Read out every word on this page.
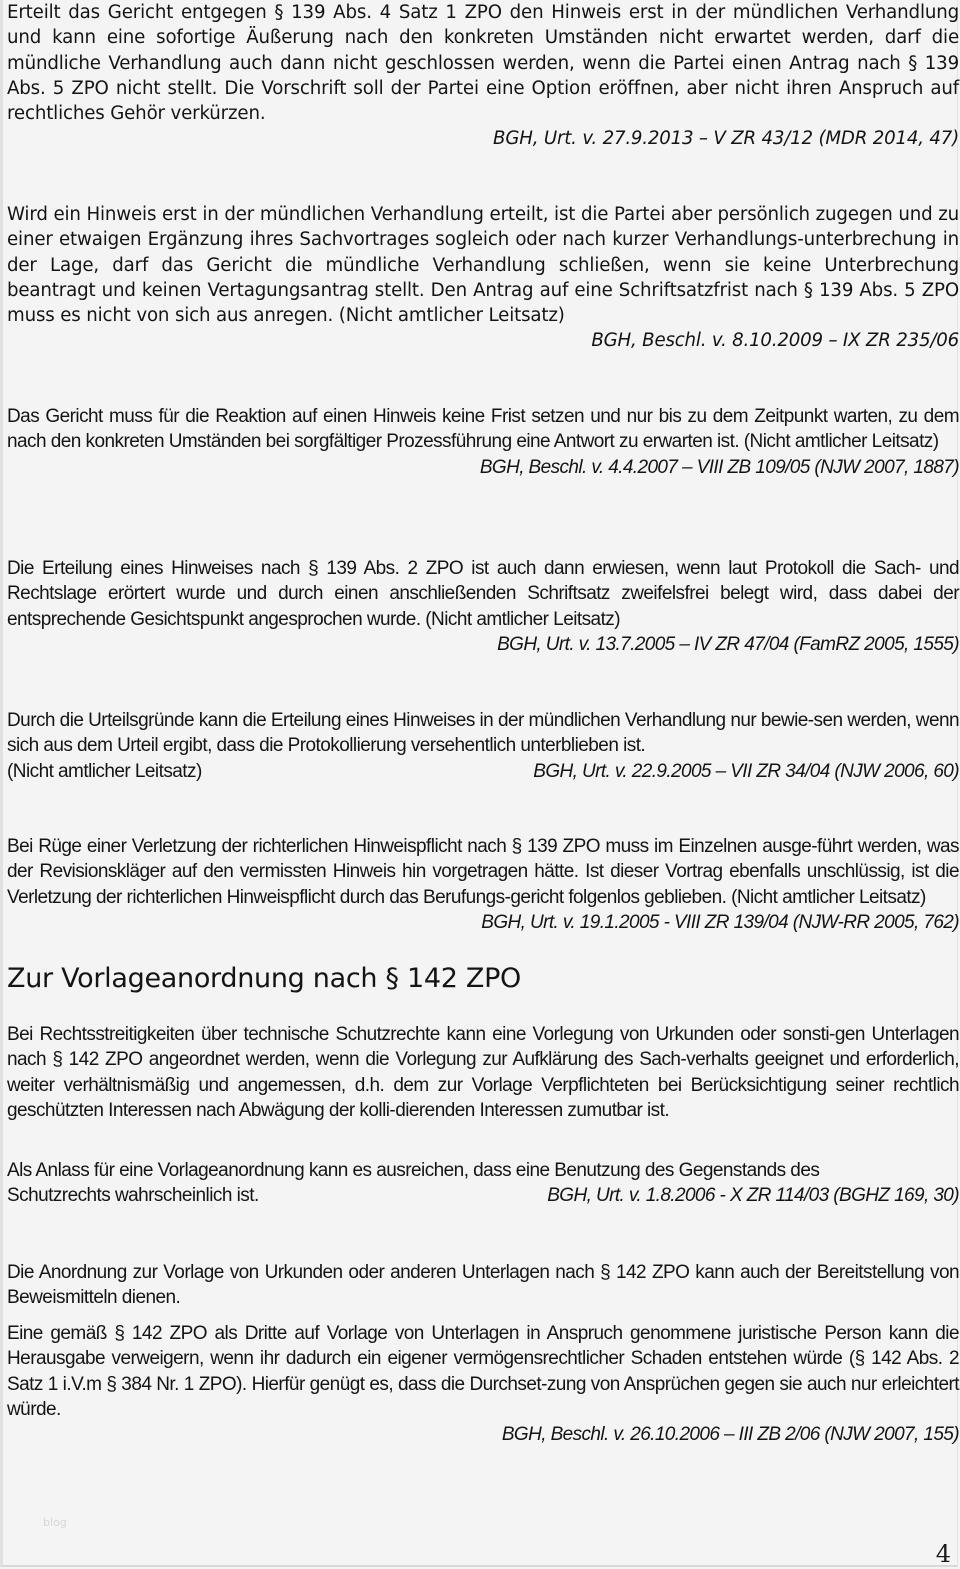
Erteilt das Gericht entgegen § 139 Abs. 4 Satz 1 ZPO den Hinweis erst in der mündlichen Verhandlung und kann eine sofortige Äußerung nach den konkreten Umständen nicht erwartet werden, darf die mündliche Verhandlung auch dann nicht geschlossen werden, wenn die Partei einen Antrag nach § 139 Abs. 5 ZPO nicht stellt. Die Vorschrift soll der Partei eine Option eröffnen, aber nicht ihren Anspruch auf rechtliches Gehör verkürzen.

BGH, Urt. v. 27.9.2013 – V ZR 43/12 (MDR 2014, 47)

Wird ein Hinweis erst in der mündlichen Verhandlung erteilt, ist die Partei aber persönlich zugegen und zu einer etwaigen Ergänzung ihres Sachvortrages sogleich oder nach kurzer Verhandlungs-unterbrechung in der Lage, darf das Gericht die mündliche Verhandlung schließen, wenn sie keine Unterbrechung beantragt und keinen Vertagungsantrag stellt. Den Antrag auf eine Schriftsatzfrist nach § 139 Abs. 5 ZPO muss es nicht von sich aus anregen. (Nicht amtlicher Leitsatz)

BGH, Beschl. v. 8.10.2009 – IX ZR 235/06

Das Gericht muss für die Reaktion auf einen Hinweis keine Frist setzen und nur bis zu dem Zeitpunkt warten, zu dem nach den konkreten Umständen bei sorgfältiger Prozessführung eine Antwort zu erwarten ist. (Nicht amtlicher Leitsatz)

BGH, Beschl. v. 4.4.2007 – VIII ZB 109/05 (NJW 2007, 1887)

Die Erteilung eines Hinweises nach § 139 Abs. 2 ZPO ist auch dann erwiesen, wenn laut Protokoll die Sach- und Rechtslage erörtert wurde und durch einen anschließenden Schriftsatz zweifelsfrei belegt wird, dass dabei der entsprechende Gesichtspunkt angesprochen wurde. (Nicht amtlicher Leitsatz)

BGH, Urt. v. 13.7.2005 – IV ZR 47/04 (FamRZ 2005, 1555)

Durch die Urteilsgründe kann die Erteilung eines Hinweises in der mündlichen Verhandlung nur bewie-sen werden, wenn sich aus dem Urteil ergibt, dass die Protokollierung versehentlich unterblieben ist.

(Nicht amtlicher Leitsatz)	BGH, Urt. v. 22.9.2005 – VII ZR 34/04 (NJW 2006, 60)

Bei Rüge einer Verletzung der richterlichen Hinweispflicht nach § 139 ZPO muss im Einzelnen ausge-führt werden, was der Revisionskläger auf den vermissten Hinweis hin vorgetragen hätte. Ist dieser Vortrag ebenfalls unschlüssig, ist die Verletzung der richterlichen Hinweispflicht durch das Berufungs-gericht folgenlos geblieben. (Nicht amtlicher Leitsatz)

BGH, Urt. v. 19.1.2005 - VIII ZR 139/04 (NJW-RR 2005, 762)

Zur Vorlageanordnung nach § 142 ZPO

Bei Rechtsstreitigkeiten über technische Schutzrechte kann eine Vorlegung von Urkunden oder sonsti-gen Unterlagen nach § 142 ZPO angeordnet werden, wenn die Vorlegung zur Aufklärung des Sach-verhalts geeignet und erforderlich, weiter verhältnismäßig und angemessen, d.h. dem zur Vorlage Verpflichteten bei Berücksichtigung seiner rechtlich geschützten Interessen nach Abwägung der kolli-dierenden Interessen zumutbar ist.

Als Anlass für eine Vorlageanordnung kann es ausreichen, dass eine Benutzung des Gegenstands des

Schutzrechts wahrscheinlich ist.	BGH, Urt. v. 1.8.2006 - X ZR 114/03 (BGHZ 169, 30)

Die Anordnung zur Vorlage von Urkunden oder anderen Unterlagen nach § 142 ZPO kann auch der Bereitstellung von Beweismitteln dienen.

Eine gemäß § 142 ZPO als Dritte auf Vorlage von Unterlagen in Anspruch genommene juristische Person kann die Herausgabe verweigern, wenn ihr dadurch ein eigener vermögensrechtlicher Schaden entstehen würde (§ 142 Abs. 2 Satz 1 i.V.m § 384 Nr. 1 ZPO). Hierfür genügt es, dass die Durchset-zung von Ansprüchen gegen sie auch nur erleichtert würde.

BGH, Beschl. v. 26.10.2006 – III ZB 2/06 (NJW 2007, 155)

blog
4
